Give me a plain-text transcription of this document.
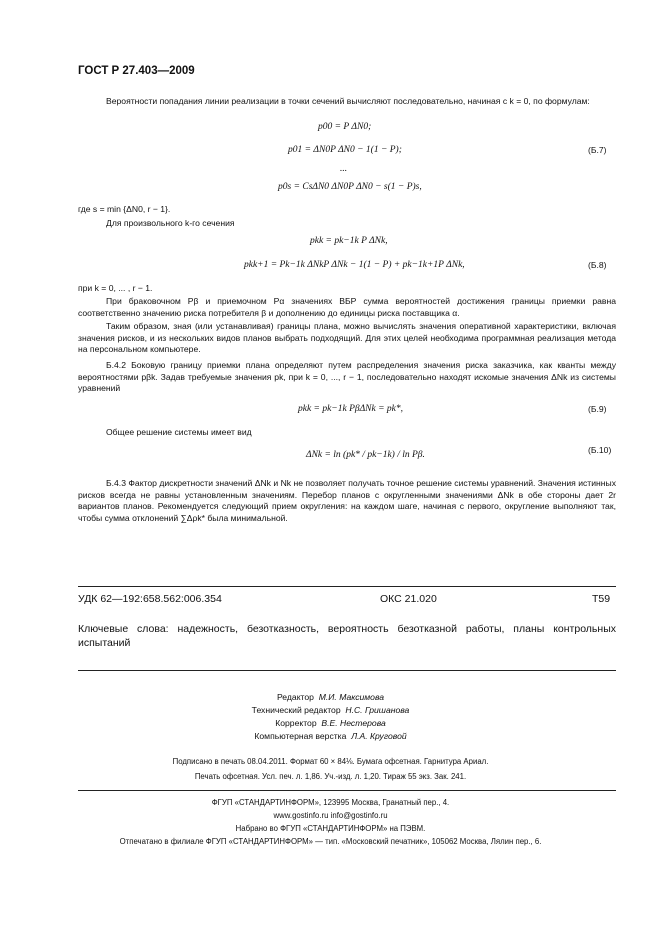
ГОСТ Р 27.403—2009
Вероятности попадания линии реализации в точки сечений вычисляют последовательно, начиная с k = 0, по формулам:
p00 = P ΔN0;
p01 = ΔN0P ΔN0 − 1(1 − P);	(Б.7)
...
p0s = CsΔN0 ΔN0P ΔN0 − s(1 − P)s,
где s = min {ΔN0, r − 1}.
Для произвольного k-го сечения
pkk = pk−1k P ΔNk,
pkk+1 = Pk−1k ΔNkP ΔNk − 1(1 − P) + pk−1k+1P ΔNk,	(Б.8)
при k = 0, ... , r − 1.
При браковочном Pβ и приемочном Pα значениях ВБР сумма вероятностей достижения границы приемки равна соответственно значению риска потребителя β и дополнению до единицы риска поставщика α.
Таким образом, зная (или устанавливая) границы плана, можно вычислять значения оперативной характеристики, включая значения рисков, и из нескольких видов планов выбрать подходящий. Для этих целей необходима программная реализация метода на персональном компьютере.
Б.4.2 Боковую границу приемки плана определяют путем распределения значения риска заказчика, как кванты между вероятностями pβk. Задав требуемые значения pk, при k = 0, ..., r − 1, последовательно находят искомые значения ΔNk из системы уравнений
pkk = pk−1k PβΔNk = pk*,	(Б.9)
Общее решение системы имеет вид
ΔNk = ln (pk* / pk−1k) / ln Pβ.	(Б.10)
Б.4.3 Фактор дискретности значений ΔNk и Nk не позволяет получать точное решение системы уравнений. Значения истинных рисков всегда не равны установленным значениям. Перебор планов с округленными значениями ΔNk в обе стороны дает 2r вариантов планов. Рекомендуется следующий прием округления: на каждом шаге, начиная с первого, округление выполняют так, чтобы сумма отклонений ∑Δρk* была минимальной.
УДК 62—192:658.562:006.354	ОКС 21.020	Т59
Ключевые слова: надежность, безотказность, вероятность безотказной работы, планы контрольных испытаний
Редактор М.И. Максимова
Технический редактор Н.С. Гришанова
Корректор В.Е. Нестерова
Компьютерная верстка Л.А. Круговой
Подписано в печать 08.04.2011. Формат 60 × 84⅛. Бумага офсетная. Гарнитура Ариал.
Печать офсетная. Усл. печ. л. 1,86. Уч.-изд. л. 1,20. Тираж 55 экз. Зак. 241.
ФГУП «СТАНДАРТИНФОРМ», 123995 Москва, Гранатный пер., 4.
www.gostinfo.ru info@gostinfo.ru
Набрано во ФГУП «СТАНДАРТИНФОРМ» на ПЭВМ.
Отпечатано в филиале ФГУП «СТАНДАРТИНФОРМ» — тип. «Московский печатник», 105062 Москва, Лялин пер., 6.
